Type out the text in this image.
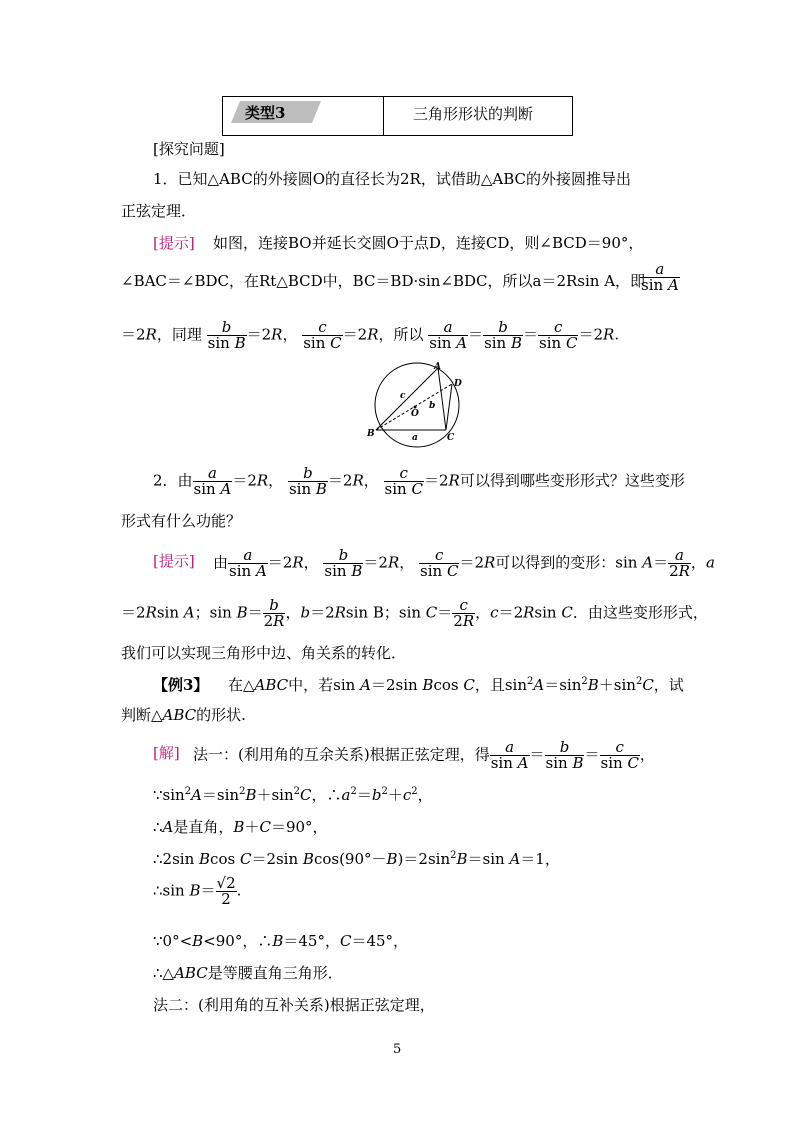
类型3	三角形形状的判断
[探究问题]
1．已知△ABC的外接圆O的直径长为2R，试借助△ABC的外接圆推导出
正弦定理．
[提示] 如图，连接BO并延长交圆O于点D，连接CD，则∠BCD＝90°，
∠BAC＝∠BDC，在Rt△BCD中，BC＝BD·sin∠BDC，所以a＝2Rsin A，即
$\frac{a}{\text{sin A}}$
＝2R，同理 $\frac{b}{\text{sin B}} =2R$， $\frac{c}{\text{sin C}} =2R$，所以 $\frac{a}{\text{sin A}} = \frac{b}{\text{sin B}} = \frac{c}{\text{sin C}} =2R$.
A
D
c
b
O
B	a	C
2．由 $\frac{a}{\text{sin A}} =2R$， $\frac{b}{\text{sin B}} =2R$， $\frac{c}{\text{sin C}} =2R$可以得到哪些变形形式？这些变形
形式有什么功能？
[提示] 由 $\frac{a}{\text{sin A}} =2R$， $\frac{b}{\text{sin B}} =2R$， $\frac{c}{\text{sin C}} =2R$可以得到的变形：$\sin A= \frac{a}{2R}$ ，a
＝2Rsin A；$\sin B= \frac{b}{2R}$ ，b＝2Rsin B；$\sin C= \frac{c}{2R}$ ，c＝2Rsin C．由这些变形形式，
我们可以实现三角形中边、角关系的转化．
【例3】 在△ABC中，若sin A＝2sin Bcos C，且$\sin^2A=\sin^2B+\sin^2C$，试
判断△ABC的形状.
[解] 法一：(利用角的互余关系)根据正弦定理，得 $\frac{a}{\text{sin A}} = \frac{b}{\text{sin B}} = \frac{c}{\text{sin C}}$ ，
$\because\sin^2A=\sin^2B+\sin^2C$，$\therefore a^2=b^2+c^2$，
∴A是直角，B＋C＝90°，
∴2sin Bcos C＝2sin $Bcos(90^\circ-B)=2\sin^2B=\sin$ A＝1，
∴sin $B= \frac{√2}{2}$ .
∵0°<B<90°，∴B＝45°，C＝45°，
∴△ABC是等腰直角三角形．
法二：(利用角的互补关系)根据正弦定理，
5
